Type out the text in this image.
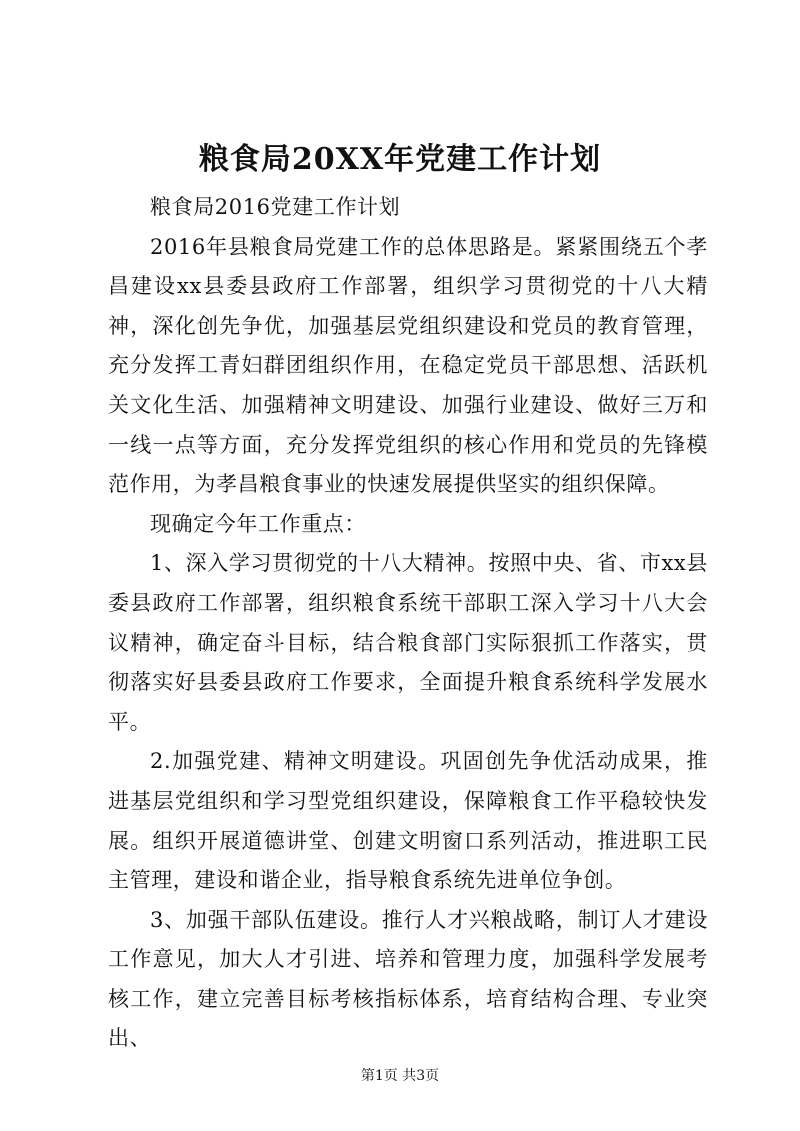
粮食局20XX年党建工作计划

粮食局2016党建工作计划

2016年县粮食局党建工作的总体思路是。紧紧围绕五个孝昌建设xx县委县政府工作部署，组织学习贯彻党的十八大精神，深化创先争优，加强基层党组织建设和党员的教育管理，充分发挥工青妇群团组织作用，在稳定党员干部思想、活跃机关文化生活、加强精神文明建设、加强行业建设、做好三万和一线一点等方面，充分发挥党组织的核心作用和党员的先锋模范作用，为孝昌粮食事业的快速发展提供坚实的组织保障。

现确定今年工作重点：

1、深入学习贯彻党的十八大精神。按照中央、省、市xx县委县政府工作部署，组织粮食系统干部职工深入学习十八大会议精神，确定奋斗目标，结合粮食部门实际狠抓工作落实，贯彻落实好县委县政府工作要求，全面提升粮食系统科学发展水平。

2.加强党建、精神文明建设。巩固创先争优活动成果，推进基层党组织和学习型党组织建设，保障粮食工作平稳较快发展。组织开展道德讲堂、创建文明窗口系列活动，推进职工民主管理，建设和谐企业，指导粮食系统先进单位争创。

3、加强干部队伍建设。推行人才兴粮战略，制订人才建设工作意见，加大人才引进、培养和管理力度，加强科学发展考核工作，建立完善目标考核指标体系，培育结构合理、专业突出、

第1页 共3页
